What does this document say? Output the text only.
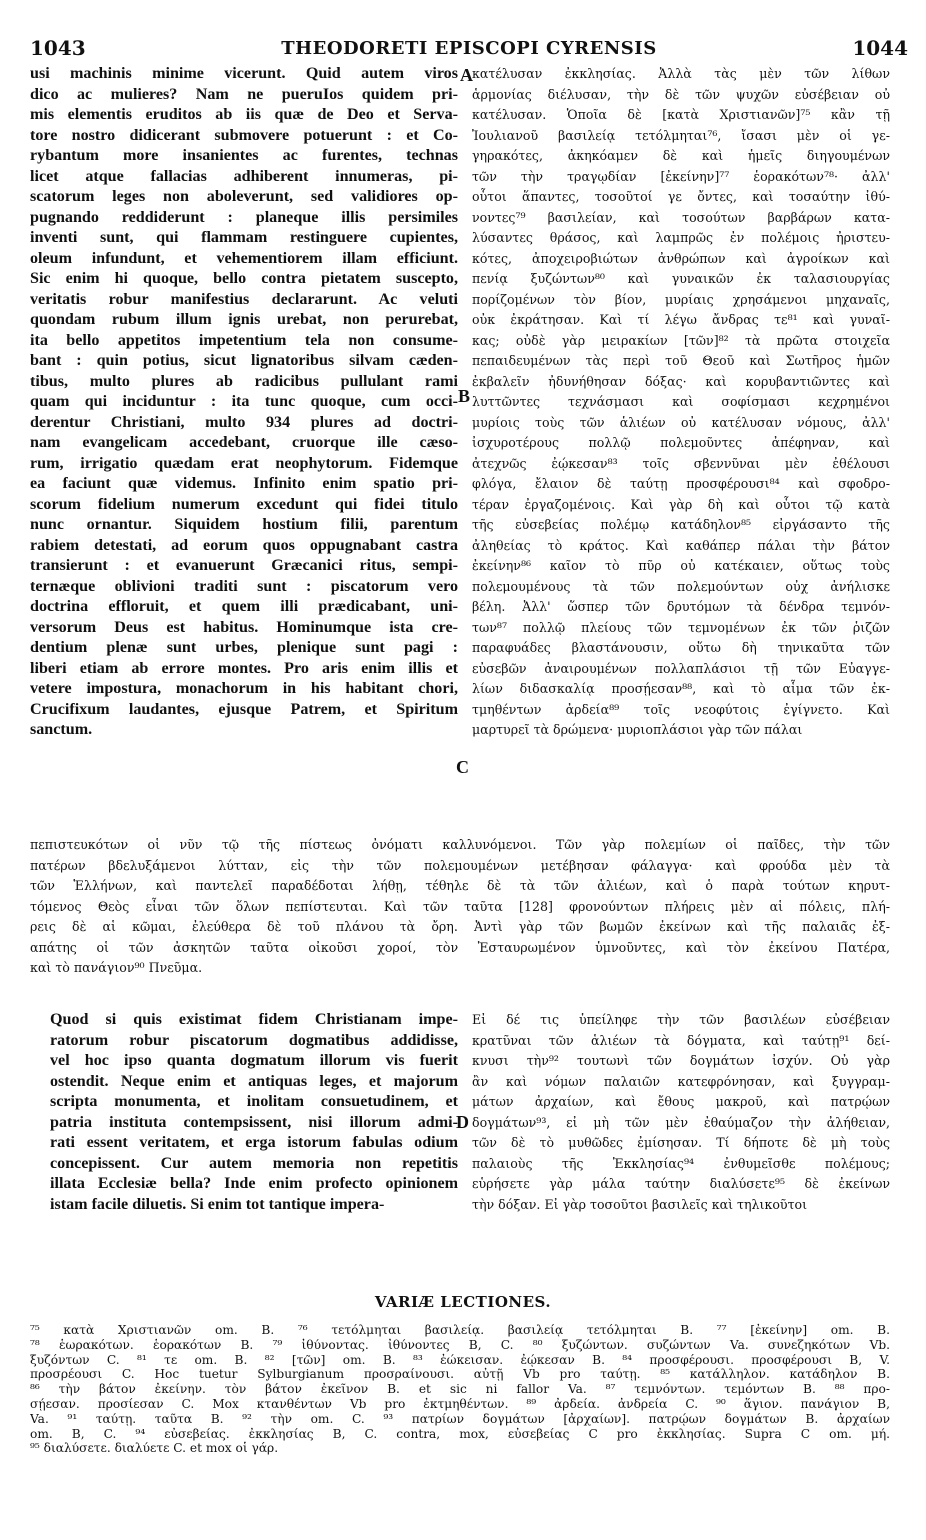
1043	THEODORETI EPISCOPI CYRENSIS	1044
A
B
C
D
usi machinis minime vicerunt. Quid autem viros
dico ac mulieres? Nam ne pueruIos quidem pri-
mis elementis eruditos ab iis quæ de Deo et Serva-
tore nostro didicerant submovere potuerunt : et Co-
rybantum more insanientes ac furentes, technas
licet atque fallacias adhiberent innumeras, pi-
scatorum leges non aboleverunt, sed validiores op-
pugnando reddiderunt : planeque illis persimiles
inventi sunt, qui flammam restinguere cupientes,
oleum infundunt, et vehementiorem illam efficiunt.
Sic enim hi quoque, bello contra pietatem suscepto,
veritatis robur manifestius declararunt. Ac veluti
quondam rubum illum ignis urebat, non perurebat,
ita bello appetitos impetentium tela non consume-
bant : quin potius, sicut lignatoribus silvam cæden-
tibus, multo plures ab radicibus pullulant rami
quam qui inciduntur : ita tunc quoque, cum occi-
derentur Christiani, multo 934 plures ad doctri-
nam evangelicam accedebant, cruorque ille cæso-
rum, irrigatio quædam erat neophytorum. Fidemque
ea faciunt quæ videmus. Infinito enim spatio pri-
scorum fidelium numerum excedunt qui fidei titulo
nunc ornantur. Siquidem hostium filii, parentum
rabiem detestati, ad eorum quos oppugnabant castra
transierunt : et evanuerunt Græcanici ritus, sempi-
ternæque oblivioni traditi sunt : piscatorum vero
doctrina effloruit, et quem illi prædicabant, uni-
versorum Deus est habitus. Hominumque ista cre-
dentium plenæ sunt urbes, plenique sunt pagi :
liberi etiam ab errore montes. Pro aris enim illis et
vetere impostura, monachorum in his habitant chori,
Crucifixum laudantes, ejusque Patrem, et Spiritum
sanctum.
κατέλυσαν ἐκκλησίας. Ἀλλὰ τὰς μὲν τῶν λίθων
ἁρμονίας διέλυσαν, τὴν δὲ τῶν ψυχῶν εὐσέβειαν οὐ
κατέλυσαν. Ὁποῖα δὲ [κατὰ Χριστιανῶν]⁷⁵ κἂν τῇ
Ἰουλιανοῦ βασιλείᾳ τετόλμηται⁷⁶, ἴσασι μὲν οἱ γε-
γηρακότες, ἀκηκόαμεν δὲ καὶ ἡμεῖς διηγουμένων
τῶν τὴν τραγῳδίαν [ἐκείνην]⁷⁷ ἑορακότων⁷⁸· ἀλλ'
οὗτοι ἅπαντες, τοσοῦτοί γε ὄντες, καὶ τοσαύτην ἰθύ-
νοντες⁷⁹ βασιλείαν, καὶ τοσούτων βαρβάρων κατα-
λύσαντες θράσος, καὶ λαμπρῶς ἐν πολέμοις ἠριστευ-
κότες, ἀποχειροβιώτων ἀνθρώπων καὶ ἀγροίκων καὶ
πενίᾳ ξυζώντων⁸⁰ καὶ γυναικῶν ἐκ ταλασιουργίας
πορίζομένων τὸν βίον, μυρίαις χρησάμενοι μηχαναῖς,
οὐκ ἐκράτησαν. Καὶ τί λέγω ἄνδρας τε⁸¹ καὶ γυναῖ-
κας; οὐδὲ γὰρ μειρακίων [τῶν]⁸² τὰ πρῶτα στοιχεῖα
πεπαιδευμένων τὰς περὶ τοῦ Θεοῦ καὶ Σωτῆρος ἡμῶν
ἐκβαλεῖν ἠδυνήθησαν δόξας· καὶ κορυβαντιῶντες καὶ
λυττῶντες τεχνάσμασι καὶ σοφίσμασι κεχρημένοι
μυρίοις τοὺς τῶν ἁλιέων οὐ κατέλυσαν νόμους, ἀλλ'
ἰσχυροτέρους πολλῷ πολεμοῦντες ἀπέφηναν, καὶ
ἀτεχνῶς ἐῴκεσαν⁸³ τοῖς σβεννῦναι μὲν ἐθέλουσι
φλόγα, ἔλαιον δὲ ταύτῃ προσφέρουσι⁸⁴ καὶ σφοδρο-
τέραν ἐργαζομένοις. Καὶ γὰρ δὴ καὶ οὗτοι τῷ κατὰ
τῆς εὐσεβείας πολέμῳ κατάδηλον⁸⁵ εἰργάσαντο τῆς
ἀληθείας τὸ κράτος. Καὶ καθάπερ πάλαι τὴν βάτον
ἐκείνην⁸⁶ καῖον τὸ πῦρ οὐ κατέκαιεν, οὕτως τοὺς
πολεμουμένους τὰ τῶν πολεμούντων οὐχ ἀνήλισκε
βέλη. Ἀλλ' ὥσπερ τῶν δρυτόμων τὰ δένδρα τεμνόν-
των⁸⁷ πολλῷ πλείους τῶν τεμνομένων ἐκ τῶν ῥιζῶν
παραφυάδες βλαστάνουσιν, οὕτω δὴ τηνικαῦτα τῶν
εὐσεβῶν ἀναιρουμένων πολλαπλάσιοι τῇ τῶν Εὐαγγε-
λίων διδασκαλίᾳ προσῄεσαν⁸⁸, καὶ τὸ αἷμα τῶν ἐκ-
τμηθέντων ἀρδεία⁸⁹ τοῖς νεοφύτοις ἐγίγνετο. Καὶ
μαρτυρεῖ τὰ δρώμενα· μυριοπλάσιοι γὰρ τῶν πάλαι
πεπιστευκότων οἱ νῦν τῷ τῆς πίστεως ὀνόματι καλλυνόμενοι. Τῶν γὰρ πολεμίων οἱ παῖδες, τὴν τῶν
πατέρων βδελυξάμενοι λύτταν, εἰς τὴν τῶν πολεμουμένων μετέβησαν φάλαγγα· καὶ φρούδα μὲν τὰ
τῶν Ἑλλήνων, καὶ παντελεῖ παραδέδοται λήθῃ, τέθηλε δὲ τὰ τῶν ἁλιέων, καὶ ὁ παρὰ τούτων κηρυτ-
τόμενος Θεὸς εἶναι τῶν ὅλων πεπίστευται. Καὶ τῶν ταῦτα [128] φρονούντων πλήρεις μὲν αἱ πόλεις, πλή-
ρεις δὲ αἱ κῶμαι, ἐλεύθερα δὲ τοῦ πλάνου τὰ ὄρη. Ἀντὶ γὰρ τῶν βωμῶν ἐκείνων καὶ τῆς παλαιᾶς ἐξ-
απάτης οἱ τῶν ἀσκητῶν ταῦτα οἰκοῦσι χοροί, τὸν Ἐσταυρωμένον ὑμνοῦντες, καὶ τὸν ἐκείνου Πατέρα,
καὶ τὸ πανάγιον⁹⁰ Πνεῦμα.
Quod si quis existimat fidem Christianam impe-
ratorum robur piscatorum dogmatibus addidisse,
vel hoc ipso quanta dogmatum illorum vis fuerit
ostendit. Neque enim et antiquas leges, et majorum
scripta monumenta, et inolitam consuetudinem, et
patria instituta contempsissent, nisi illorum admi-
rati essent veritatem, et erga istorum fabulas odium
concepissent. Cur autem memoria non repetitis
illata Ecclesiæ bella? Inde enim profecto opinionem
istam facile diluetis. Si enim tot tantique impera-
Εἰ δέ τις ὑπείληφε τὴν τῶν βασιλέων εὐσέβειαν
κρατῦναι τῶν ἁλιέων τὰ δόγματα, καὶ ταύτῃ⁹¹ δεί-
κνυσι τὴν⁹² τουτωνὶ τῶν δογμάτων ἰσχύν. Οὐ γὰρ
ἂν καὶ νόμων παλαιῶν κατεφρόνησαν, καὶ ξυγγραμ-
μάτων ἀρχαίων, καὶ ἔθους μακροῦ, καὶ πατρῴων
δογμάτων⁹³, εἰ μὴ τῶν μὲν ἐθαύμαζον τὴν ἀλήθειαν,
τῶν δὲ τὸ μυθῶδες ἐμίσησαν. Τί δήποτε δὲ μὴ τοὺς
παλαιοὺς τῆς Ἐκκλησίας⁹⁴ ἐνθυμεῖσθε πολέμους;
εὑρήσετε γὰρ μάλα ταύτην διαλύσετε⁹⁵ δὲ ἐκείνων
τὴν δόξαν. Εἰ γὰρ τοσοῦτοι βασιλεῖς καὶ τηλικοῦτοι
VARIÆ LECTIONES.
⁷⁵ κατὰ Χριστιανῶν om. B. ⁷⁶ τετόλμηται βασιλείᾳ. βασιλείᾳ τετόλμηται B. ⁷⁷ [ἐκείνην] om. B.
⁷⁸ ἑωρακότων. ἑορακότων B. ⁷⁹ ἰθύνοντας. ἰθύνοντες B, C. ⁸⁰ ξυζώντων. συζώντων Va. συνεζηκότων Vb.
ξυζόντων C. ⁸¹ τε om. B. ⁸² [τῶν] om. B. ⁸³ ἐώκεισαν. ἐῴκεσαν B. ⁸⁴ προσφέρουσι. προσφέρουσι B, V.
προσρέουσι C. Hoc tuetur Sylburgianum προσραίνουσι. αὐτῇ Vb pro ταύτῃ. ⁸⁵ κατάλληλον. κατάδηλον B.
⁸⁶ τὴν βάτον ἐκείνην. τὸν βάτον ἐκεῖνον B. et sic ni fallor Va. ⁸⁷ τεμνόντων. τεμόντων B. ⁸⁸ προ-
σῄεσαν. προσίεσαν C. Mox κτανθέντων Vb pro ἐκτμηθέντων. ⁸⁹ ἀρδεία. ἀνδρεία C. ⁹⁰ ἅγιον. πανάγιον B,
Va. ⁹¹ ταύτῃ. ταῦτα B. ⁹² τὴν om. C. ⁹³ πατρίων δογμάτων [ἀρχαίων]. πατρῴων δογμάτων B. ἀρχαίων
om. B, C. ⁹⁴ εὐσεβείας. ἐκκλησίας B, C. contra, mox, εὐσεβείας C pro ἐκκλησίας. Supra C om. μή.
⁹⁵ διαλύσετε. διαλύετε C. et mox οἱ γάρ.
